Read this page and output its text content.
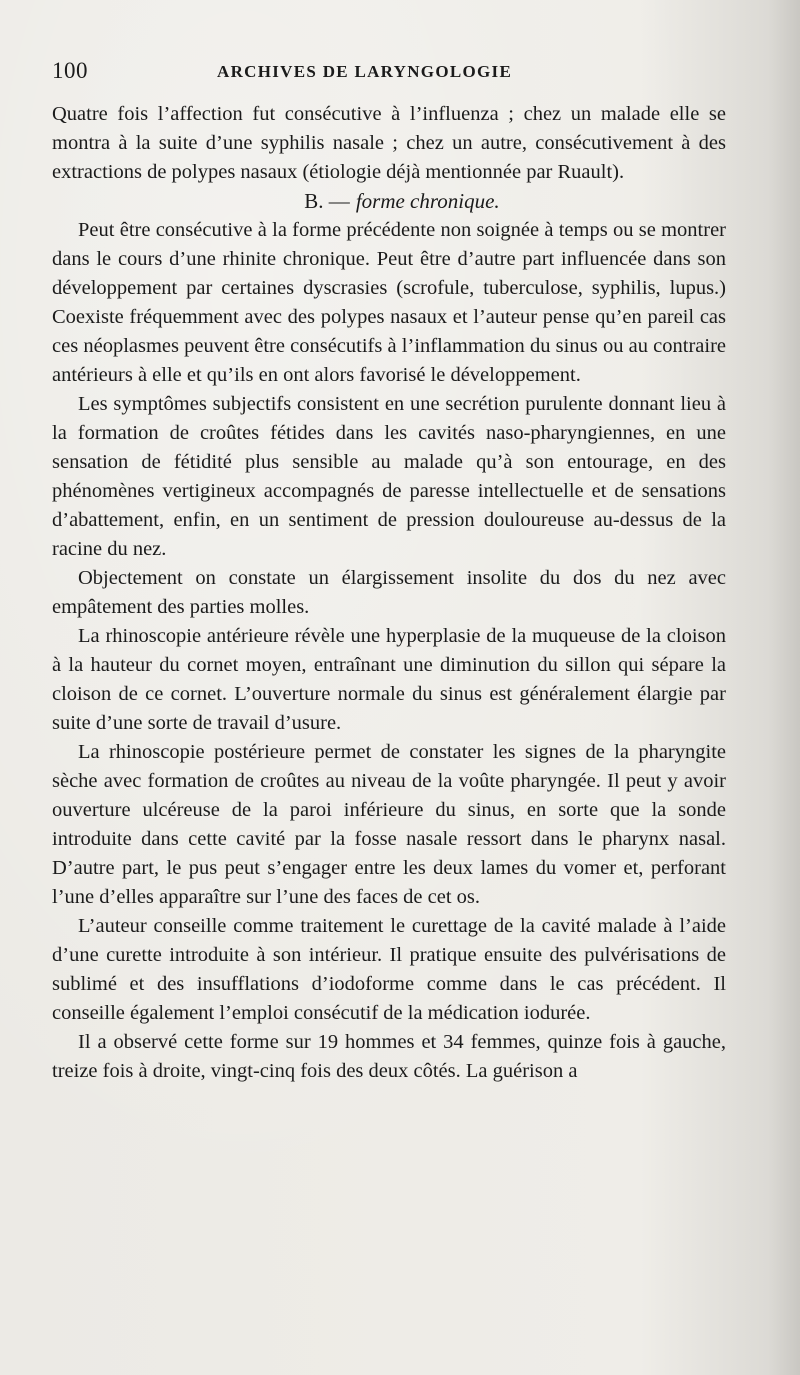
100	ARCHIVES DE LARYNGOLOGIE

Quatre fois l’affection fut consécutive à l’influenza ; chez un malade elle se montra à la suite d’une syphilis nasale ; chez un autre, consécutivement à des extractions de polypes nasaux (étiologie déjà mentionnée par Ruault).

B. — forme chronique.

Peut être consécutive à la forme précédente non soignée à temps ou se montrer dans le cours d’une rhinite chronique. Peut être d’autre part influencée dans son développement par certaines dyscrasies (scrofule, tuberculose, syphilis, lupus.) Coexiste fréquemment avec des polypes nasaux et l’auteur pense qu’en pareil cas ces néoplasmes peuvent être consécutifs à l’inflammation du sinus ou au contraire antérieurs à elle et qu’ils en ont alors favorisé le développement.

Les symptômes subjectifs consistent en une secrétion purulente donnant lieu à la formation de croûtes fétides dans les cavités naso-pharyngiennes, en une sensation de fétidité plus sensible au malade qu’à son entourage, en des phénomènes vertigineux accompagnés de paresse intellectuelle et de sensations d’abattement, enfin, en un sentiment de pression douloureuse au-dessus de la racine du nez.

Objectement on constate un élargissement insolite du dos du nez avec empâtement des parties molles.

La rhinoscopie antérieure révèle une hyperplasie de la muqueuse de la cloison à la hauteur du cornet moyen, entraînant une diminution du sillon qui sépare la cloison de ce cornet. L’ouverture normale du sinus est généralement élargie par suite d’une sorte de travail d’usure.

La rhinoscopie postérieure permet de constater les signes de la pharyngite sèche avec formation de croûtes au niveau de la voûte pharyngée. Il peut y avoir ouverture ulcéreuse de la paroi inférieure du sinus, en sorte que la sonde introduite dans cette cavité par la fosse nasale ressort dans le pharynx nasal. D’autre part, le pus peut s’engager entre les deux lames du vomer et, perforant l’une d’elles apparaître sur l’une des faces de cet os.

L’auteur conseille comme traitement le curettage de la cavité malade à l’aide d’une curette introduite à son intérieur. Il pratique ensuite des pulvérisations de sublimé et des insufflations d’iodoforme comme dans le cas précédent. Il conseille également l’emploi consécutif de la médication iodurée.

Il a observé cette forme sur 19 hommes et 34 femmes, quinze fois à gauche, treize fois à droite, vingt-cinq fois des deux côtés. La guérison a
